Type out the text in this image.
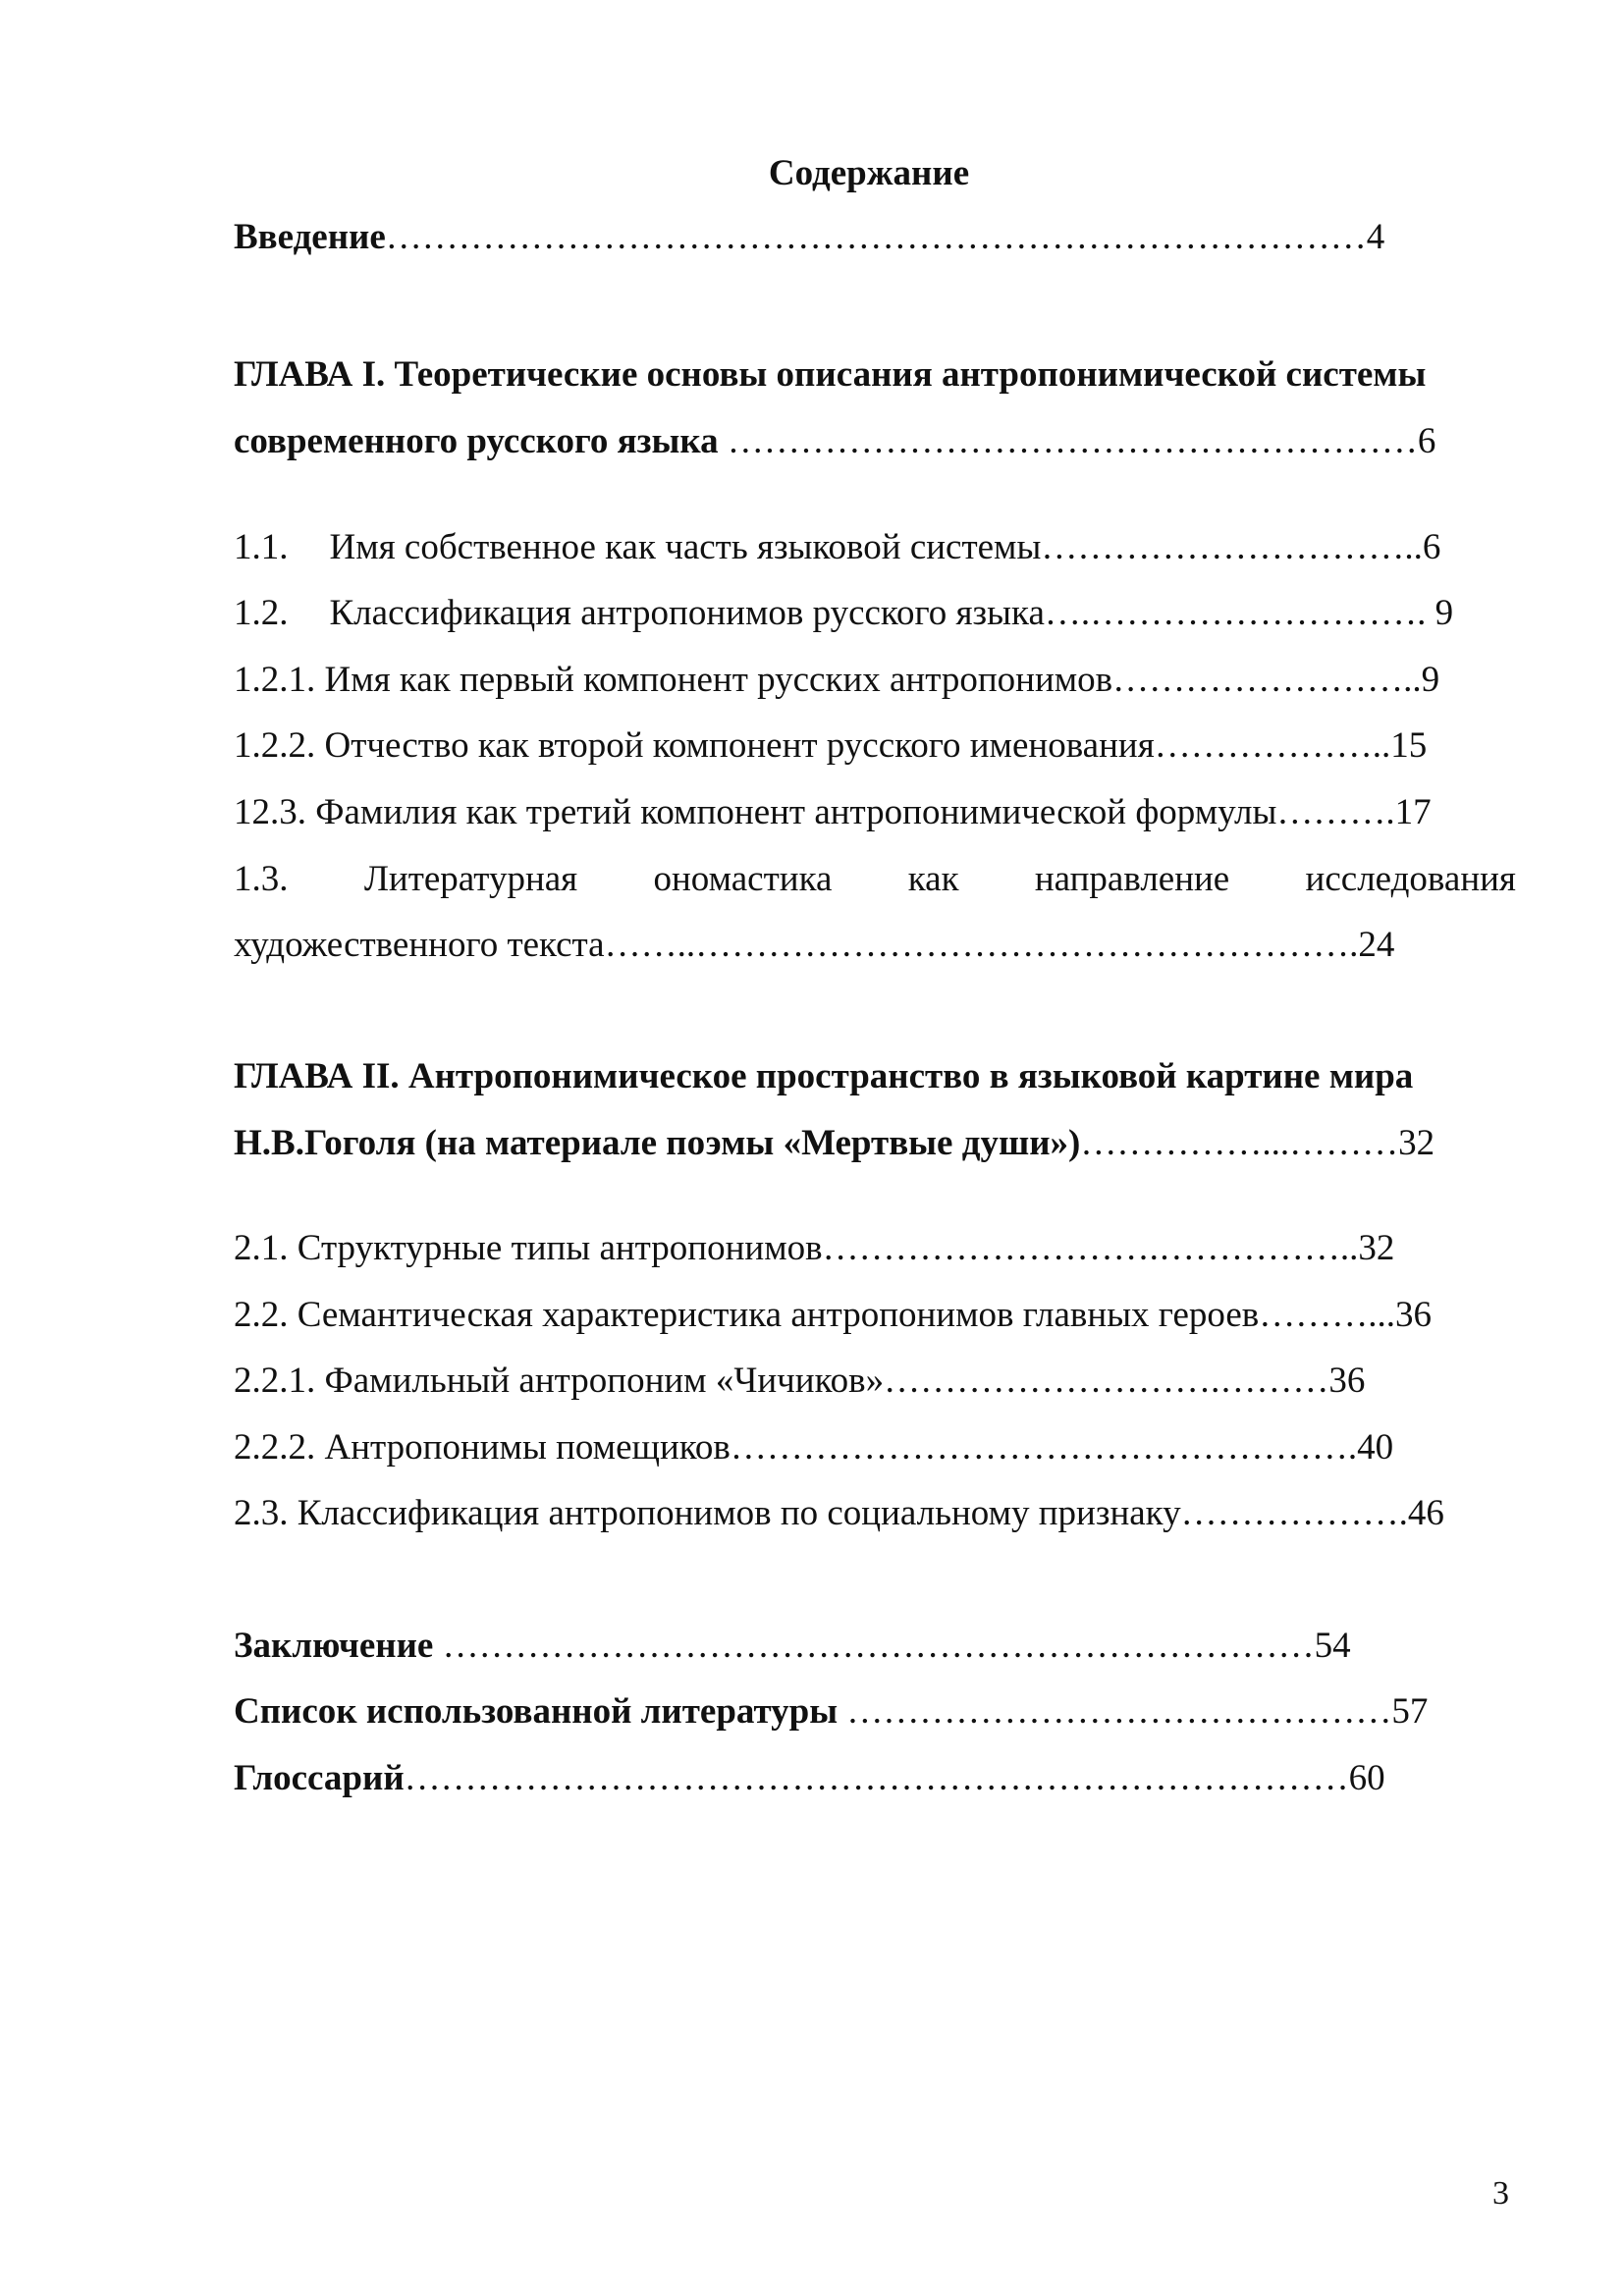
Содержание
Введение………………………………………………………………………4
ГЛАВА I. Теоретические основы описания антропонимической системы
современного русского языка …………………………………………………6
1.1. Имя собственное как часть языковой системы…………………………..6
1.2. Классификация антропонимов русского языка….………………………. 9
1.2.1. Имя как первый компонент русских антропонимов……………………..9
1.2.2. Отчество как второй компонент русского именования………………..15
12.3. Фамилия как третий компонент антропонимической формулы……….17
1.3. Литературная ономастика как направление исследования
художественного текста……..……………………………………………….24
ГЛАВА II. Антропонимическое пространство в языковой картине мира
Н.В.Гоголя (на материале поэмы «Мертвые души»)……………...………32
2.1. Структурные типы антропонимов……………………….……………..32
2.2. Семантическая характеристика антропонимов главных героев………...36
2.2.1. Фамильный антропоним «Чичиков»……………………….………36
2.2.2. Антропонимы помещиков…………………………………………….40
2.3. Классификация антропонимов по социальному признаку……………….46
Заключение ………………………………………………………………54
Список использованной литературы ………………………………………57
Глоссарий……………………………………………………………………60
3
